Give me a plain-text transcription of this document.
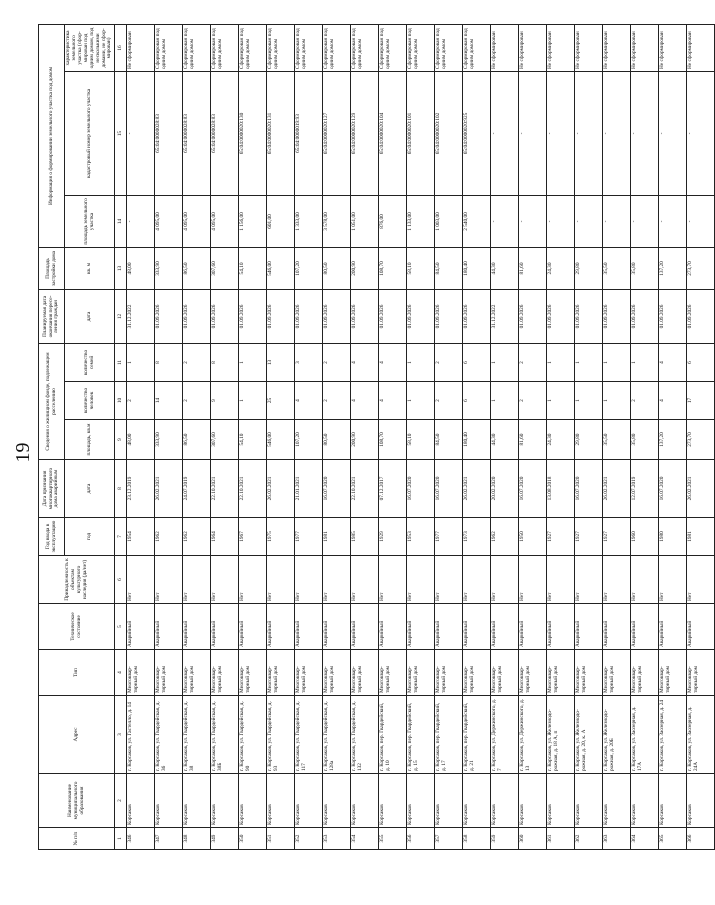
19
№ п/п	Наименование муниципального образования	Адрес	Тип	Техническое состояние	Принадлежность к объектам культурного наследия (да/нет)	Год ввода в эксплуатацию	Дата признания многоквартирного дома аварийным	Сведения о жилищном фонде, подлежащем расселению			Планируемая дата окончания переселения граждан	Площадь застройки дома	Информация о формировании земельного участка под домом		
						год	дата	площадь, кв.м	количество человек	количество семей	дата	кв. м	площадь земельного участка	кадастровый номер земельного участка	характеристика земельного участка (сформирован под одним домом, под несколькими домами, не сформирован)
1	2	3	4	5	6	7	8	9	10	11	12	13	14	15	16
346	Корсаков	г. Корсаков, ул. Гастелло, д. 14	Многоквартирный дом	Аварийный	Нет	1954	23.12.2019	48,00	2	1	31.12.2022	48,00	-	-	Не сформирован
347	Корсаков	г. Корсаков, ул. Гвардейская, д. 36	Многоквартирный дом	Аварийный	Нет	1962	26.02.2021	333,90	14	8	01.09.2026	333,90	4 095,00	65:04:0000028:83	Сформирован под одним домом
348	Корсаков	г. Корсаков, ул. Гвардейская, д. 38	Многоквартирный дом	Аварийный	Нет	1962	24.07.2019	86,50	2	2	01.09.2026	86,50	4 095,00	65:04:0000028:83	Сформирован под одним домом
349	Корсаков	г. Корсаков, ул. Гвардейская, д. 38Б	Многоквартирный дом	Аварийный	Нет	1964	22.10.2021	307,60	9	8	01.09.2026	307,60	4 095,00	65:04:0000028:83	Сформирован под одним домом
350	Корсаков	г. Корсаков, ул. Гвардейская, д. 90	Многоквартирный дом	Аварийный	Нет	1967	22.10.2021	54,10	1	1	01.09.2026	54,10	1 156,00	65:04:0000020:130	Сформирован под одним домом
351	Корсаков	г. Корсаков, ул. Гвардейская, д. 93	Многоквартирный дом	Аварийный	Нет	1975	26.02.2021	546,00	25	13	01.09.2026	546,00	601,00	65:04:0000020:131	Сформирован под одним домом
352	Корсаков	г. Корсаков, ул. Гвардейская, д. 117	Многоквартирный дом	Аварийный	Нет	1977	21.01.2021	107,20	4	3	01.09.2026	107,20	1 333,00	65:04:0000019:93	Сформирован под одним домом
353	Корсаков	г. Корсаков, ул. Гвардейская, д. 128а	Многоквартирный дом	Аварийный	Нет	1981	16.07.2020	80,50	2	2	01.09.2026	80,50	3 578,00	65:04:0000020:127	Сформирован под одним домом
354	Корсаков	г. Корсаков, ул. Гвардейская, д. 132	Многоквартирный дом	Аварийный	Нет	1985	22.10.2021	200,90	4	4	01.09.2026	200,90	1 051,00	65:04:0000020:129	Сформирован под одним домом
355	Корсаков	г. Корсаков, пер. Гвардейский, д. 10	Многоквартирный дом	Аварийный	Нет	1929	07.12.2017	108,70	4	4	01.09.2026	108,70	876,00	65:04:0000020:104	Сформирован под одним домом
356	Корсаков	г. Корсаков, пер. Гвардейский, д. 15	Многоквартирный дом	Аварийный	Нет	1953	16.07.2020	58,10	1	1	01.09.2026	58,10	1 133,00	65:04:0000020:101	Сформирован под одним домом
357	Корсаков	г. Корсаков, пер. Гвардейский, д. 17	Многоквартирный дом	Аварийный	Нет	1977	16.07.2020	84,50	2	2	01.09.2026	84,50	1 003,00	65:04:0000020:102	Сформирован под одним домом
358	Корсаков	г. Корсаков, пер. Гвардейский, д. 21	Многоквартирный дом	Аварийный	Нет	1973	26.02.2021	180,40	6	6	01.09.2026	180,40	2 540,00	65:04:0000020:925	Сформирован под одним домом
359	Корсаков	г. Корсаков, ул. Держинского, д. 7	Многоквартирный дом	Аварийный	Нет	1962	20.02.2020	44,30	1	1	31.12.2022	44,30	-	-	Не сформирован
360	Корсаков	г. Корсаков, ул. Держинского, д. 13	Многоквартирный дом	Аварийный	Нет	1950	16.07.2020	81,60	2	2	01.09.2026	81,60	-	-	Не сформирован
361	Корсаков	г. Корсаков, ул. Железнодорожная, д. 18 А, п	Многоквартирный дом	Аварийный	Нет	1927	13.08.2018	24,30	1	1	01.09.2026	24,30	-	-	Не сформирован
362	Корсаков	г. Корсаков, ул. Железнодорожная, д. 20, к. А	Многоквартирный дом	Аварийный	Нет	1927	16.07.2020	29,80	1	1	01.09.2026	29,80	-	-	Не сформирован
363	Корсаков	г. Корсаков, ул. Железнодорожная, д. 20Б	Многоквартирный дом	Аварийный	Нет	1927	26.02.2021	35,50	1	1	01.09.2026	35,50	-	-	Не сформирован
364	Корсаков	г. Корсаков, ул. Заозерная, д. 17А	Многоквартирный дом	Аварийный	Нет	1960	12.07.2019	35,80	2	1	01.09.2026	35,80	-	-	Не сформирован
365	Корсаков	г. Корсаков, ул. Заозерная, д. 24	Многоквартирный дом	Аварийный	Нет	1980	16.07.2020	137,20	4	4	01.09.2026	137,20	-	-	Не сформирован
366	Корсаков	г. Корсаков, ул. Заозерная, д. 24А	Многоквартирный дом	Аварийный	Нет	1981	26.02.2021	273,70	17	6	01.09.2026	273,70	-	-	Не сформирован
